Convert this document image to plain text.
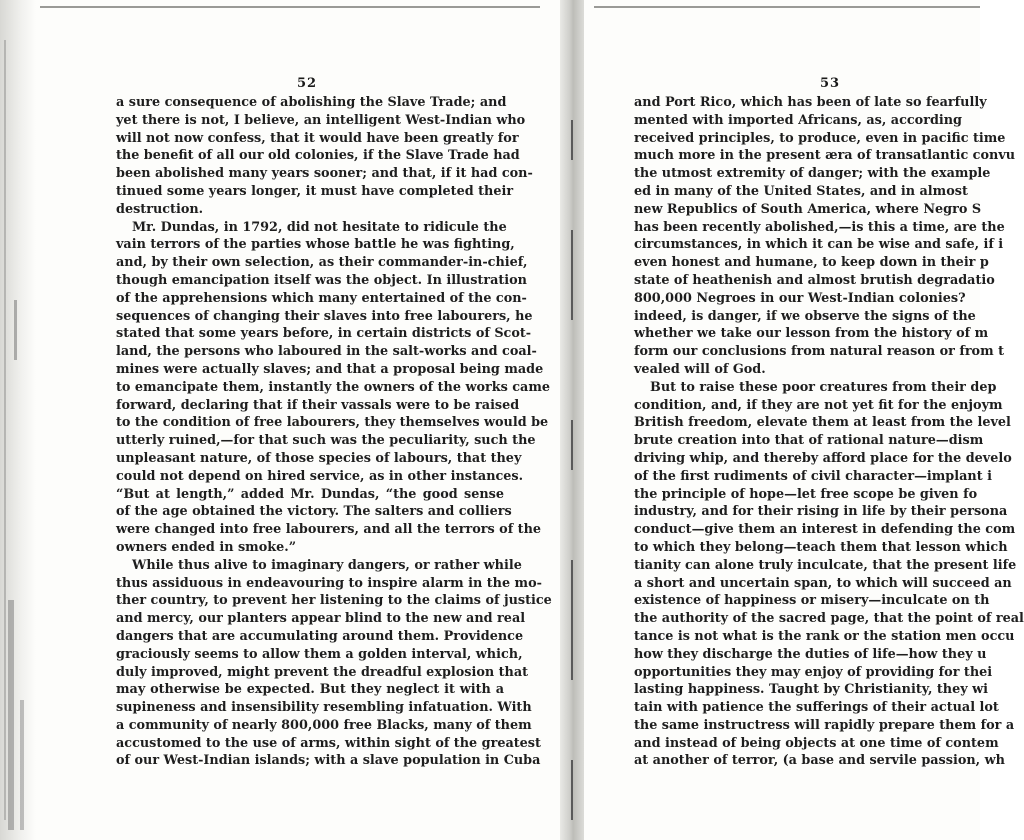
52
a sure consequence of abolishing the Slave Trade; and
yet there is not, I believe, an intelligent West-Indian who
will not now confess, that it would have been greatly for
the benefit of all our old colonies, if the Slave Trade had
been abolished many years sooner; and that, if it had con-
tinued some years longer, it must have completed their
destruction.
Mr. Dundas, in 1792, did not hesitate to ridicule the
vain terrors of the parties whose battle he was fighting,
and, by their own selection, as their commander-in-chief,
though emancipation itself was the object. In illustration
of the apprehensions which many entertained of the con-
sequences of changing their slaves into free labourers, he
stated that some years before, in certain districts of Scot-
land, the persons who laboured in the salt-works and coal-
mines were actually slaves; and that a proposal being made
to emancipate them, instantly the owners of the works came
forward, declaring that if their vassals were to be raised
to the condition of free labourers, they themselves would be
utterly ruined,—for that such was the peculiarity, such the
unpleasant nature, of those species of labours, that they
could not depend on hired service, as in other instances.
“But at length,” added Mr. Dundas, “the good sense
of the age obtained the victory. The salters and colliers
were changed into free labourers, and all the terrors of the
owners ended in smoke.”
While thus alive to imaginary dangers, or rather while
thus assiduous in endeavouring to inspire alarm in the mo-
ther country, to prevent her listening to the claims of justice
and mercy, our planters appear blind to the new and real
dangers that are accumulating around them. Providence
graciously seems to allow them a golden interval, which,
duly improved, might prevent the dreadful explosion that
may otherwise be expected. But they neglect it with a
supineness and insensibility resembling infatuation. With
a community of nearly 800,000 free Blacks, many of them
accustomed to the use of arms, within sight of the greatest
of our West-Indian islands; with a slave population in Cuba
53
and Port Rico, which has been of late so fearfully
mented with imported Africans, as, according
received principles, to produce, even in pacific time
much more in the present æra of transatlantic convu
the utmost extremity of danger; with the example
ed in many of the United States, and in almost
new Republics of South America, where Negro S
has been recently abolished,—is this a time, are the
circumstances, in which it can be wise and safe, if i
even honest and humane, to keep down in their p
state of heathenish and almost brutish degradatio
800,000 Negroes in our West-Indian colonies?
indeed, is danger, if we observe the signs of the
whether we take our lesson from the history of m
form our conclusions from natural reason or from t
vealed will of God.
But to raise these poor creatures from their dep
condition, and, if they are not yet fit for the enjoym
British freedom, elevate them at least from the level
brute creation into that of rational nature—dism
driving whip, and thereby afford place for the develo
of the first rudiments of civil character—implant i
the principle of hope—let free scope be given fo
industry, and for their rising in life by their persona
conduct—give them an interest in defending the com
to which they belong—teach them that lesson which
tianity can alone truly inculcate, that the present life
a short and uncertain span, to which will succeed an
existence of happiness or misery—inculcate on th
the authority of the sacred page, that the point of real
tance is not what is the rank or the station men occu
how they discharge the duties of life—how they u
opportunities they may enjoy of providing for thei
lasting happiness. Taught by Christianity, they wi
tain with patience the sufferings of their actual lot
the same instructress will rapidly prepare them for a
and instead of being objects at one time of contem
at another of terror, (a base and servile passion, wh
